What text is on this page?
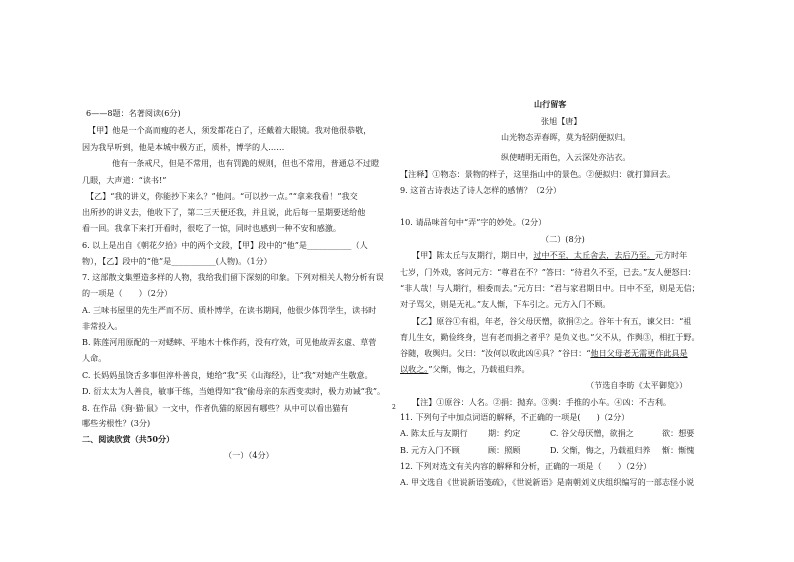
6——8题：名著阅读(6分)
【甲】他是一个高而瘦的老人，须发都花白了，还戴着大眼镜。我对他很恭敬，
因为我早听到，他是本城中极方正，质朴，博学的人……
他有一条戒尺，但是不常用，也有罚跪的规则，但也不常用，普通总不过瞪
几眼，大声道：“读书!”
【乙】“我的讲义，你能抄下来么？”他问。“可以抄一点。”“拿来我看！”我交
出所抄的讲义去，他收下了，第二三天便还我，并且说，此后每一星期要送给他
看一回。我拿下来打开看时，很吃了一惊，同时也感到一种不安和感激。
6. 以上是出自《朝花夕拾》中的两个文段，【甲】段中的“他”是___________（人
物），【乙】段中的“他”是___________(人物)。（1分）
7. 这部散文集塑造多样的人物，我给我们留下深刻的印象。下列对相关人物分析有误
的一项是（　　）（2分）
A. 三味书屋里的先生严而不厉、质朴博学，在读书期间，他很少体罚学生，读书时
非常投入。
B. 陈莲河用原配的一对蟋蟀、平地木十株作药，没有疗效，可见他故弄玄虚、草菅
人命。
C. 长妈妈虽饶舌多事但淳朴善良，她给“我”买《山海经》，让“我”对她产生敬意。
D. 衍太太为人善良，敏事干练，当她得知“我”偷母亲的东西变卖时，极力劝诫“我”。
8. 在作品《狗·猫·鼠》一文中，作者仇猫的原因有哪些？从中可以看出猫有
哪些劣根性？(3分)
二、阅读欣赏（共50分）
（一）（4分）
山行留客
张旭【唐】
山光物态弄春晖，莫为轻阴便拟归。
纵使晴明无雨色，入云深处亦沾衣。
【注释】①物态：景物的样子，这里指山中的景色。②便拟归：就打算回去。
9. 这首古诗表达了诗人怎样的感情？（2分）
10. 请品味首句中“弄”字的妙处。（2分）
（二）(8分)
【甲】陈太丘与友期行，期日中，过中不至，太丘舍去，去后乃至。元方时年
七岁，门外戏，客问元方：“尊君在不？”答曰：“待君久不至，已去。”友人便怒曰：
“非人哉！与人期行，相委而去。”元方曰：“君与家君期日中。日中不至，则是无信；
对子骂父，则是无礼。”友人惭，下车引之。元方入门不顾。
【乙】原谷①有祖，年老，谷父母厌憎，欲捐②之。谷年十有五，谏父曰：“祖
育儿生女，勤俭终身，岂有老而捐之者乎？是负义也。”父不从，作舆③，相扛于野。
谷随，收舆归。父曰：“汝何以收此凶④具？”谷曰：“他日父母老无需更作此具是
以收之。”父惭，悔之，乃载祖归养。
（节选自李昉《太平御览》）
【注】①原谷：人名。②捐：抛弃。③舆：手推的小车。④凶：不吉利。
11. 下列句子中加点词语的解释，不正确的一项是(　　)（2分）
A. 陈太丘与友期行	期：约定	C. 谷父母厌憎，欲捐之	欲：想要
B. 元方入门不顾	顾：照顾	D. 父惭，悔之，乃载祖归养 惭：惭愧
12. 下列对选文有关内容的解释和分析，正确的一项是（　　）（2分）
A. 甲文选自《世说新语笺疏》，《世说新语》是南朝刘义庆组织编写的一部志怪小说
2
